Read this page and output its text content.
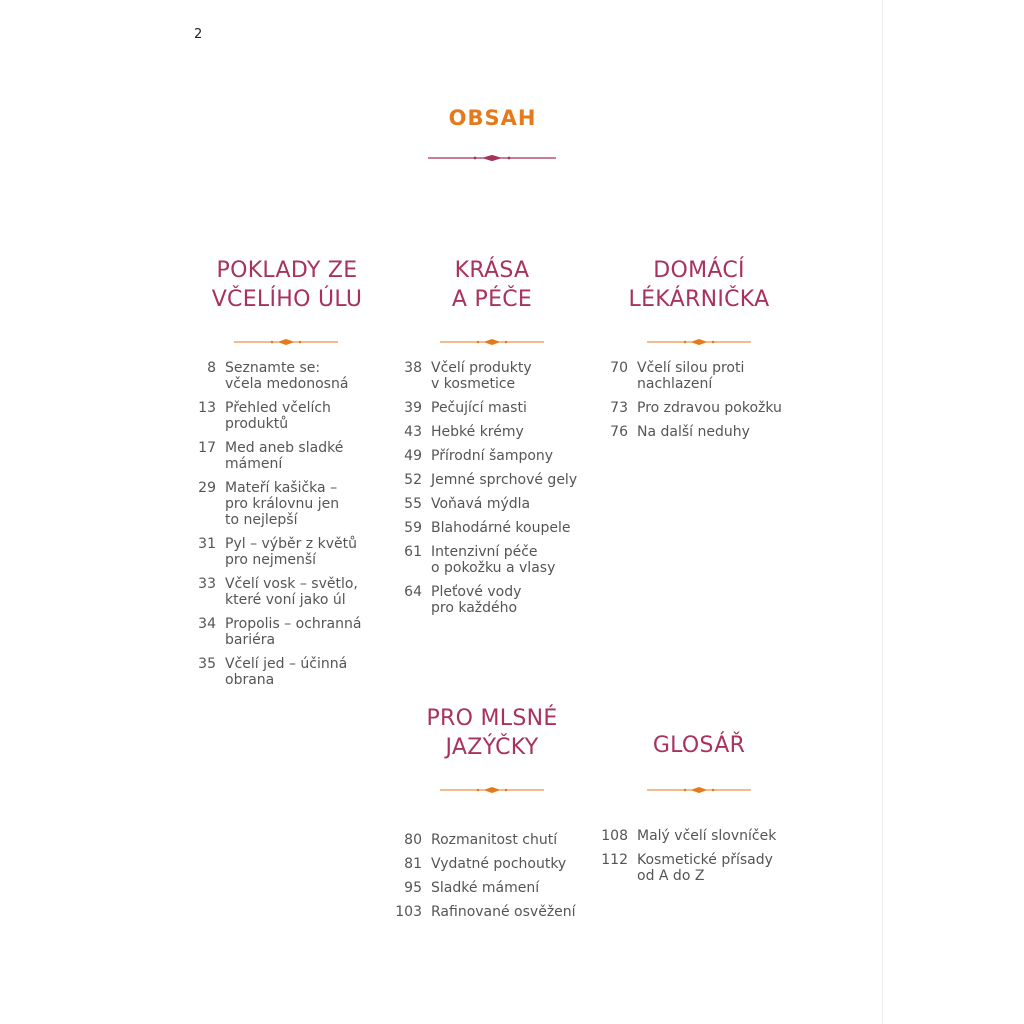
2
OBSAH
POKLADY ZE
VČELÍHO ÚLU
8 Seznamte se:
včela medonosná
13 Přehled včelích
produktů
17 Med aneb sladké
mámení
29 Mateří kašička –
pro královnu jen
to nejlepší
31 Pyl – výběr z květů
pro nejmenší
33 Včelí vosk – světlo,
které voní jako úl
34 Propolis – ochranná
bariéra
35 Včelí jed – účinná
obrana
KRÁSA
A PÉČE
38 Včelí produkty
v kosmetice
39 Pečující masti
43 Hebké krémy
49 Přírodní šampony
52 Jemné sprchové gely
55 Voňavá mýdla
59 Blahodárné koupele
61 Intenzivní péče
o pokožku a vlasy
64 Pleťové vody
pro každého
DOMÁCÍ
LÉKÁRNIČKA
70 Včelí silou proti
nachlazení
73 Pro zdravou pokožku
76 Na další neduhy
PRO MLSNÉ
JAZÝČKY
80 Rozmanitost chutí
81 Vydatné pochoutky
95 Sladké mámení
103 Rafinované osvěžení
GLOSÁŘ
108 Malý včelí slovníček
112 Kosmetické přísady
od A do Z
